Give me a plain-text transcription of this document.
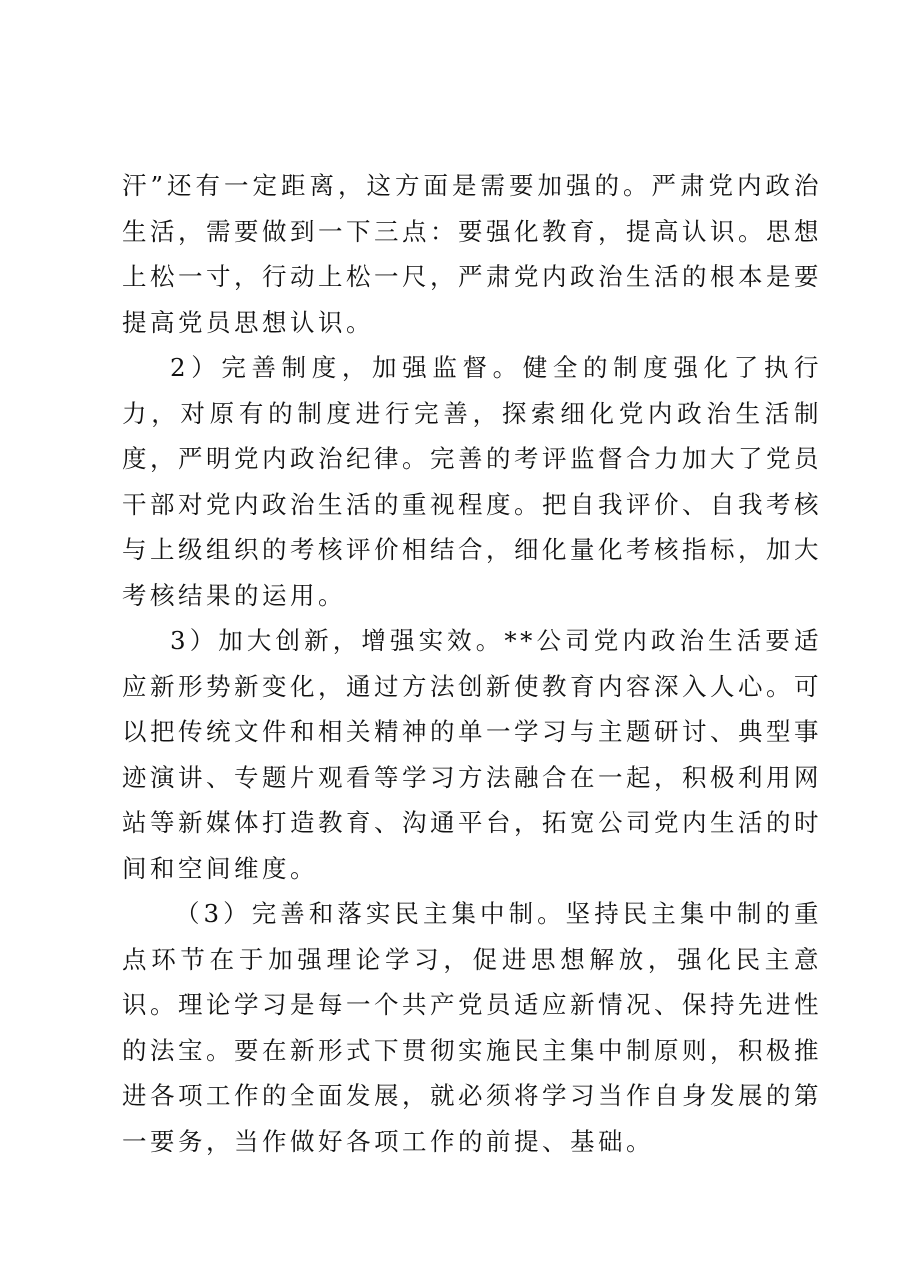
汗”还有一定距离，这方面是需要加强的。严肃党内政治生活，需要做到一下三点：要强化教育，提高认识。思想上松一寸，行动上松一尺，严肃党内政治生活的根本是要提高党员思想认识。

2）完善制度，加强监督。健全的制度强化了执行力，对原有的制度进行完善，探索细化党内政治生活制度，严明党内政治纪律。完善的考评监督合力加大了党员干部对党内政治生活的重视程度。把自我评价、自我考核与上级组织的考核评价相结合，细化量化考核指标，加大考核结果的运用。

3）加大创新，增强实效。**公司党内政治生活要适应新形势新变化，通过方法创新使教育内容深入人心。可以把传统文件和相关精神的单一学习与主题研讨、典型事迹演讲、专题片观看等学习方法融合在一起，积极利用网站等新媒体打造教育、沟通平台，拓宽公司党内生活的时间和空间维度。

（3）完善和落实民主集中制。坚持民主集中制的重点环节在于加强理论学习，促进思想解放，强化民主意识。理论学习是每一个共产党员适应新情况、保持先进性的法宝。要在新形式下贯彻实施民主集中制原则，积极推进各项工作的全面发展，就必须将学习当作自身发展的第一要务，当作做好各项工作的前提、基础。
